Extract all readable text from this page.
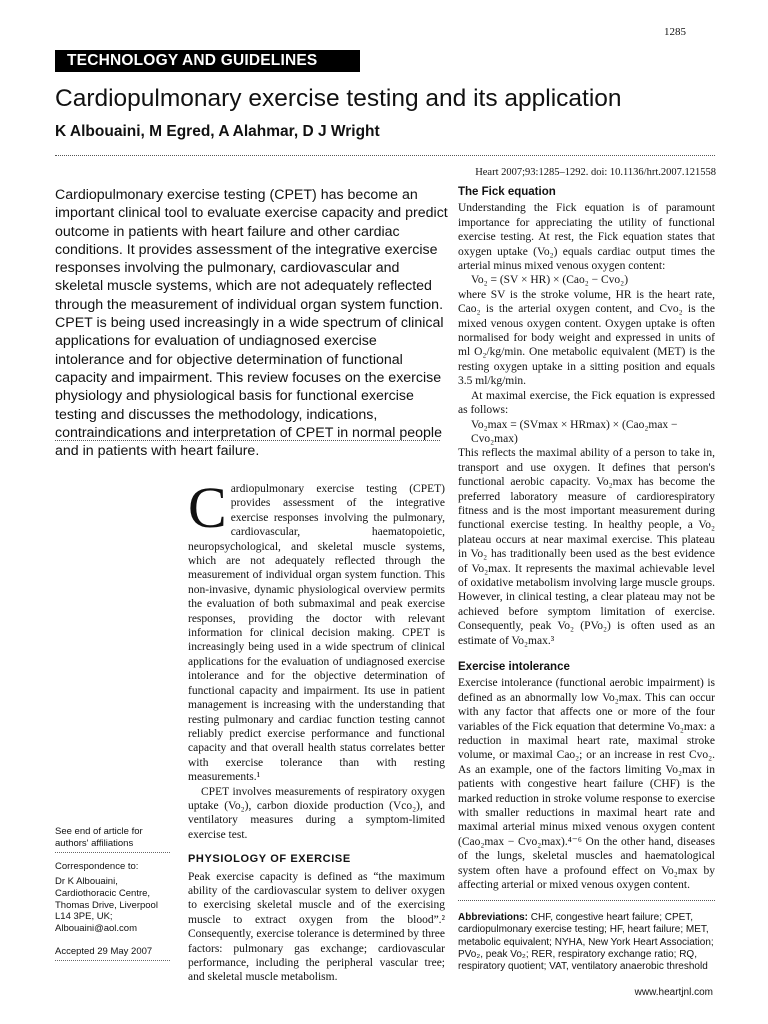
1285
TECHNOLOGY AND GUIDELINES
Cardiopulmonary exercise testing and its application
K Albouaini, M Egred, A Alahmar, D J Wright
Heart 2007;93:1285–1292. doi: 10.1136/hrt.2007.121558

Cardiopulmonary exercise testing (CPET) has become an important clinical tool to evaluate exercise capacity and predict outcome in patients with heart failure and other cardiac conditions. It provides assessment of the integrative exercise responses involving the pulmonary, cardiovascular and skeletal muscle systems, which are not adequately reflected through the measurement of individual organ system function. CPET is being used increasingly in a wide spectrum of clinical applications for evaluation of undiagnosed exercise intolerance and for objective determination of functional capacity and impairment. This review focuses on the exercise physiology and physiological basis for functional exercise testing and discusses the methodology, indications, contraindications and interpretation of CPET in normal people and in patients with heart failure.

See end of article for authors' affiliations

Correspondence to:

Dr K Albouaini, Cardiothoracic Centre, Thomas Drive, Liverpool L14 3PE, UK; Albouaini@aol.com

Accepted 29 May 2007

C ardiopulmonary exercise testing (CPET) provides assessment of the integrative exercise responses involving the pulmonary, cardiovascular, haematopoietic, neuropsychological, and skeletal muscle systems, which are not adequately reflected through the measurement of individual organ system function. This non-invasive, dynamic physiological overview permits the evaluation of both submaximal and peak exercise responses, providing the doctor with relevant information for clinical decision making. CPET is increasingly being used in a wide spectrum of clinical applications for the evaluation of undiagnosed exercise intolerance and for the objective determination of functional capacity and impairment. Its use in patient management is increasing with the understanding that resting pulmonary and cardiac function testing cannot reliably predict exercise performance and functional capacity and that overall health status correlates better with exercise tolerance than with resting measurements.¹

CPET involves measurements of respiratory oxygen uptake (Vo₂), carbon dioxide production (Vco₂), and ventilatory measures during a symptom-limited exercise test.

PHYSIOLOGY OF EXERCISE

Peak exercise capacity is defined as “the maximum ability of the cardiovascular system to deliver oxygen to exercising skeletal muscle and of the exercising muscle to extract oxygen from the blood”.² Consequently, exercise tolerance is determined by three factors: pulmonary gas exchange; cardiovascular performance, including the peripheral vascular tree; and skeletal muscle metabolism.

The Fick equation

Understanding the Fick equation is of paramount importance for appreciating the utility of functional exercise testing. At rest, the Fick equation states that oxygen uptake (Vo₂) equals cardiac output times the arterial minus mixed venous oxygen content:

Vo₂ = (SV × HR) × (Cao₂ − Cvo₂)

where SV is the stroke volume, HR is the heart rate, Cao₂ is the arterial oxygen content, and Cvo₂ is the mixed venous oxygen content. Oxygen uptake is often normalised for body weight and expressed in units of ml O₂/kg/min. One metabolic equivalent (MET) is the resting oxygen uptake in a sitting position and equals 3.5 ml/kg/min.

At maximal exercise, the Fick equation is expressed as follows:

Vo₂max = (SVmax × HRmax) × (Cao₂max − Cvo₂max)

This reflects the maximal ability of a person to take in, transport and use oxygen. It defines that person's functional aerobic capacity. Vo₂max has become the preferred laboratory measure of cardiorespiratory fitness and is the most important measurement during functional exercise testing. In healthy people, a Vo₂ plateau occurs at near maximal exercise. This plateau in Vo₂ has traditionally been used as the best evidence of Vo₂max. It represents the maximal achievable level of oxidative metabolism involving large muscle groups. However, in clinical testing, a clear plateau may not be achieved before symptom limitation of exercise. Consequently, peak Vo₂ (PVo₂) is often used as an estimate of Vo₂max.³

Exercise intolerance

Exercise intolerance (functional aerobic impairment) is defined as an abnormally low Vo₂max. This can occur with any factor that affects one or more of the four variables of the Fick equation that determine Vo₂max: a reduction in maximal heart rate, maximal stroke volume, or maximal Cao₂; or an increase in rest Cvo₂. As an example, one of the factors limiting Vo₂max in patients with congestive heart failure (CHF) is the marked reduction in stroke volume response to exercise with smaller reductions in maximal heart rate and maximal arterial minus mixed venous oxygen content (Cao₂max − Cvo₂max).⁴⁻⁶ On the other hand, diseases of the lungs, skeletal muscles and haematological system often have a profound effect on Vo₂max by affecting arterial or mixed venous oxygen content.

Abbreviations: CHF, congestive heart failure; CPET, cardiopulmonary exercise testing; HF, heart failure; MET, metabolic equivalent; NYHA, New York Heart Association; PVo₂, peak Vo₂; RER, respiratory exchange ratio; RQ, respiratory quotient; VAT, ventilatory anaerobic threshold
www.heartjnl.com
